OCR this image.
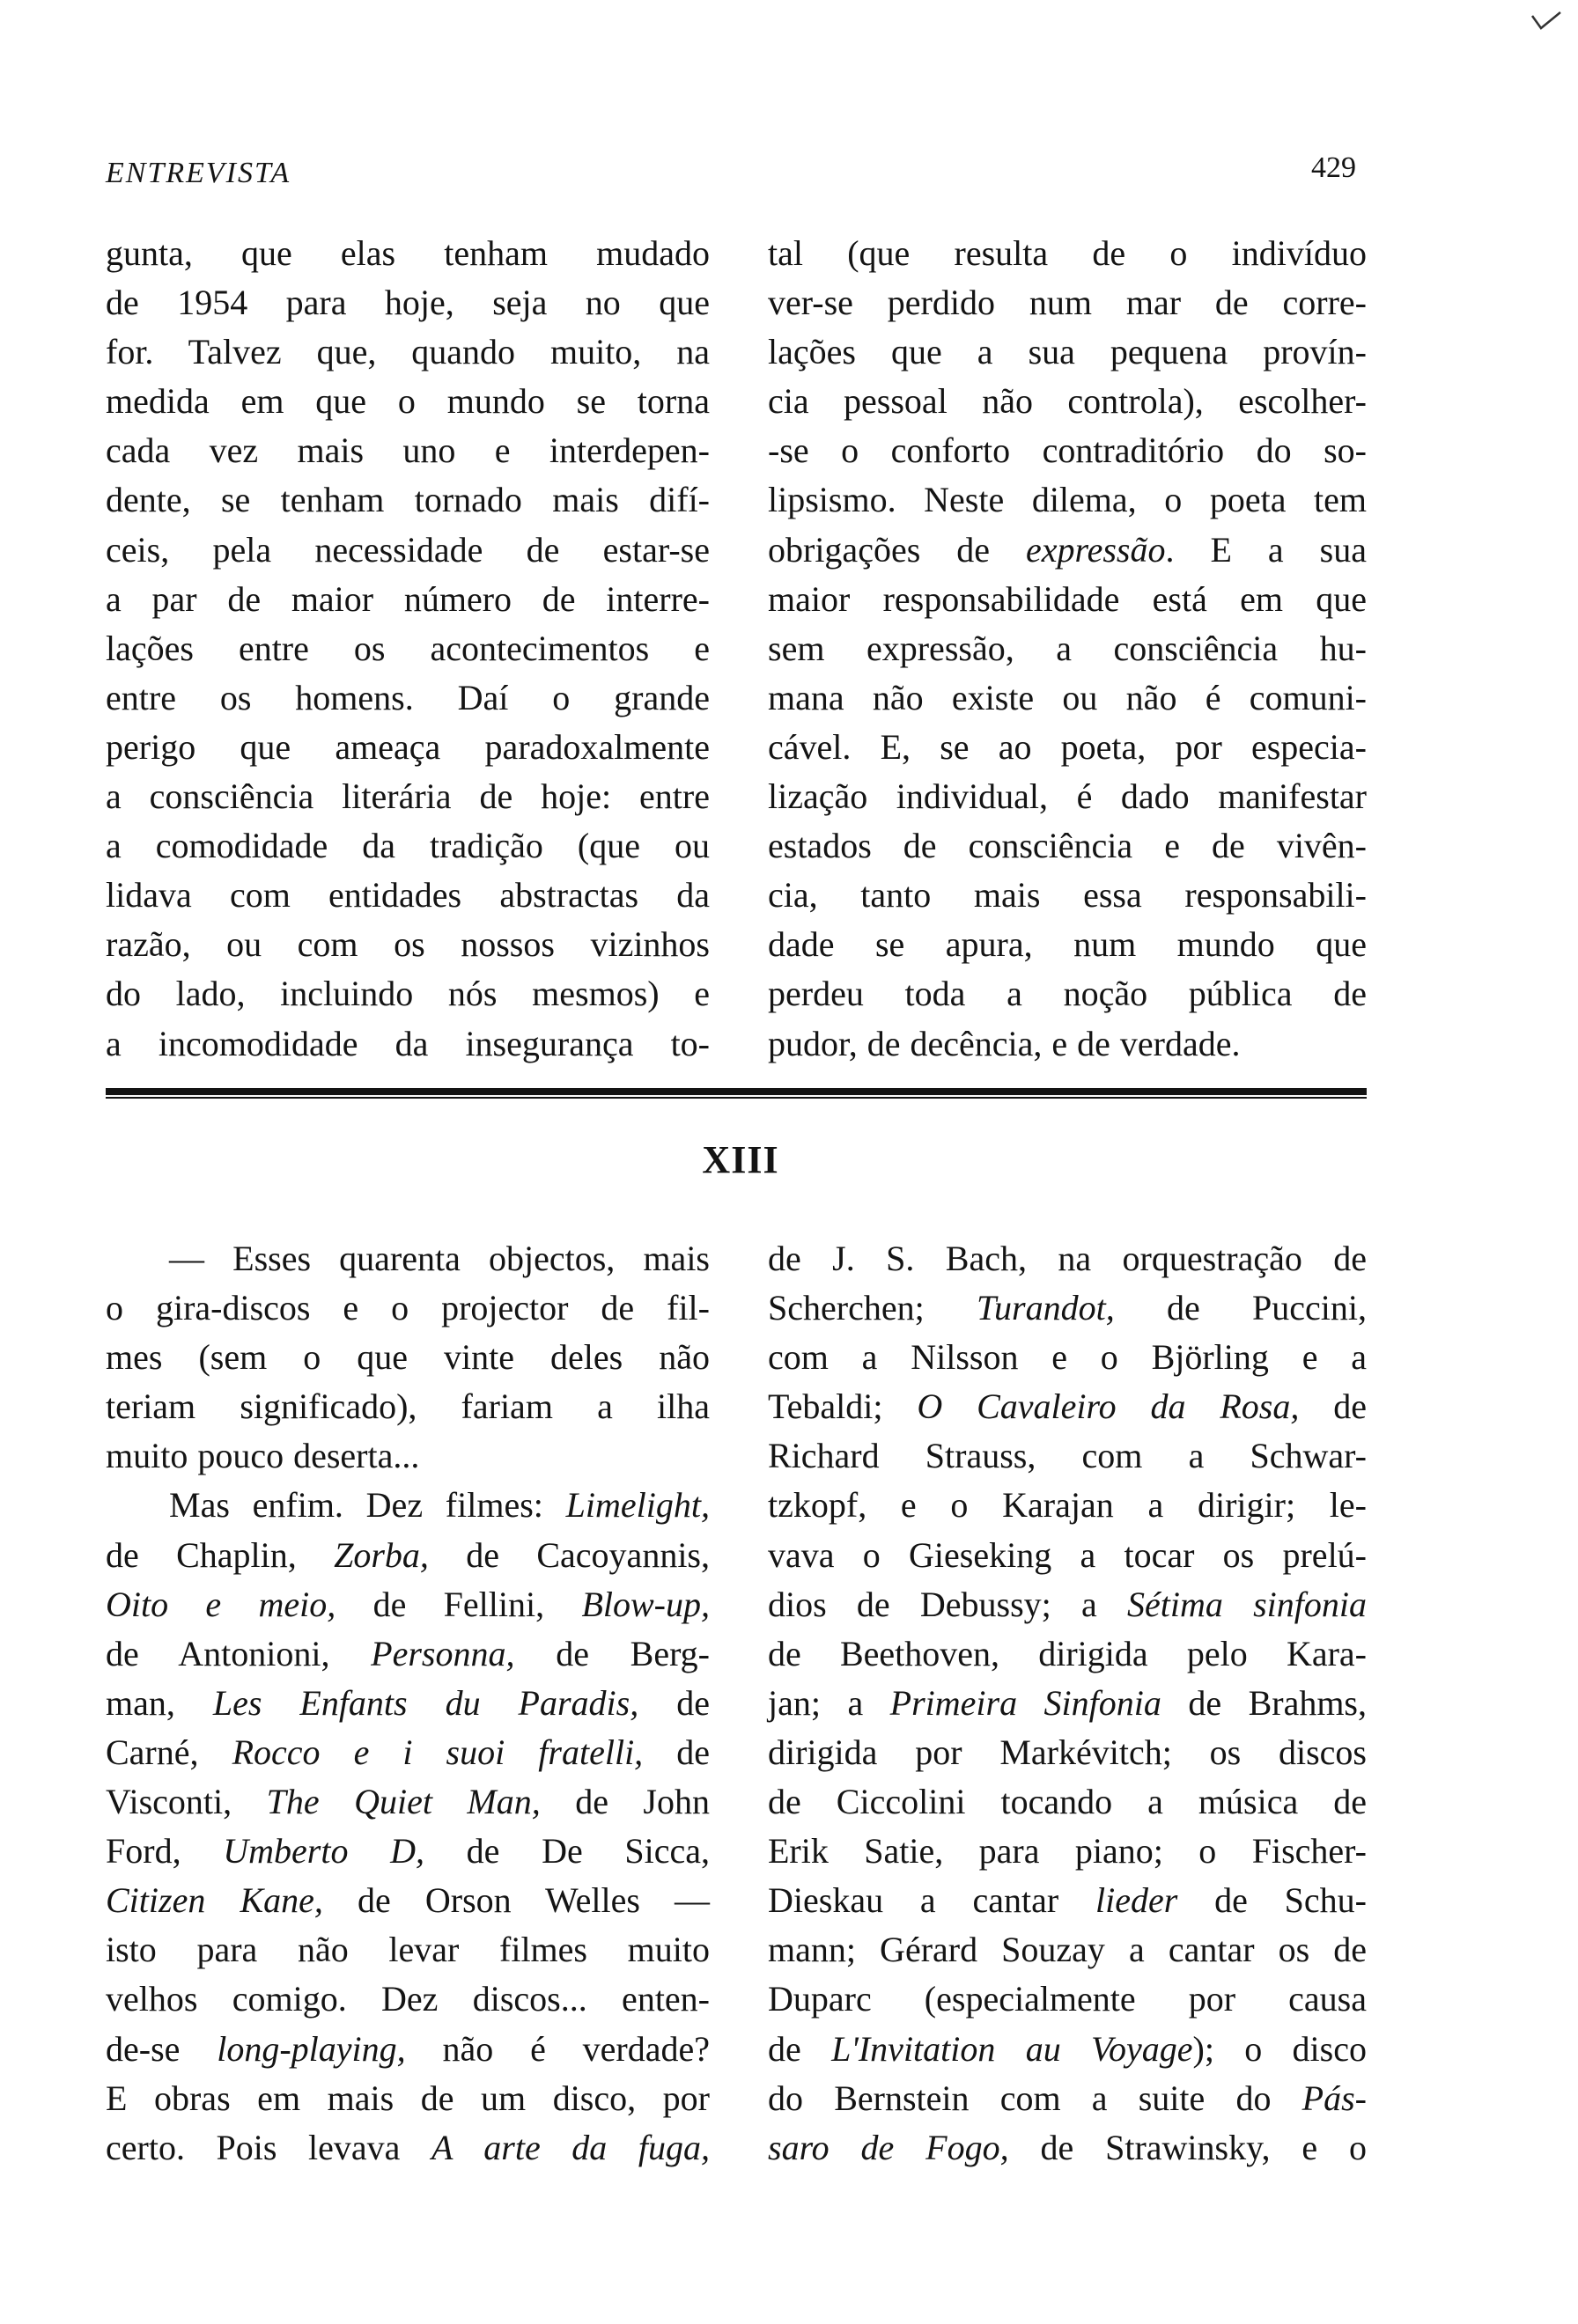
ENTREVISTA	429
gunta, que elas tenham mudado
de 1954 para hoje, seja no que
for. Talvez que, quando muito, na
medida em que o mundo se torna
cada vez mais uno e interdepen-
dente, se tenham tornado mais difí-
ceis, pela necessidade de estar-se
a par de maior número de interre-
lações entre os acontecimentos e
entre os homens. Daí o grande
perigo que ameaça paradoxalmente
a consciência literária de hoje: entre
a comodidade da tradição (que ou
lidava com entidades abstractas da
razão, ou com os nossos vizinhos
do lado, incluindo nós mesmos) e
a incomodidade da insegurança to-
tal (que resulta de o indivíduo
ver-se perdido num mar de corre-
lações que a sua pequena provín-
cia pessoal não controla), escolher-
-se o conforto contraditório do so-
lipsismo. Neste dilema, o poeta tem
obrigações de expressão. E a sua
maior responsabilidade está em que
sem expressão, a consciência hu-
mana não existe ou não é comuni-
cável. E, se ao poeta, por especia-
lização individual, é dado manifestar
estados de consciência e de vivên-
cia, tanto mais essa responsabili-
dade se apura, num mundo que
perdeu toda a noção pública de
pudor, de decência, e de verdade.
XIII
— Esses quarenta objectos, mais
o gira-discos e o projector de fil-
mes (sem o que vinte deles não
teriam significado), fariam a ilha
muito pouco deserta...
Mas enfim. Dez filmes: Limelight,
de Chaplin, Zorba, de Cacoyannis,
Oito e meio, de Fellini, Blow-up,
de Antonioni, Personna, de Berg-
man, Les Enfants du Paradis, de
Carné, Rocco e i suoi fratelli, de
Visconti, The Quiet Man, de John
Ford, Umberto D, de De Sicca,
Citizen Kane, de Orson Welles —
isto para não levar filmes muito
velhos comigo. Dez discos... enten-
de-se long-playing, não é verdade?
E obras em mais de um disco, por
certo. Pois levava A arte da fuga,
de J. S. Bach, na orquestração de
Scherchen; Turandot, de Puccini,
com a Nilsson e o Björling e a
Tebaldi; O Cavaleiro da Rosa, de
Richard Strauss, com a Schwar-
tzkopf, e o Karajan a dirigir; le-
vava o Gieseking a tocar os prelú-
dios de Debussy; a Sétima sinfonia
de Beethoven, dirigida pelo Kara-
jan; a Primeira Sinfonia de Brahms,
dirigida por Markévitch; os discos
de Ciccolini tocando a música de
Erik Satie, para piano; o Fischer-
Dieskau a cantar lieder de Schu-
mann; Gérard Souzay a cantar os de
Duparc (especialmente por causa
de L'Invitation au Voyage); o disco
do Bernstein com a suite do Pás-
saro de Fogo, de Strawinsky, e o
